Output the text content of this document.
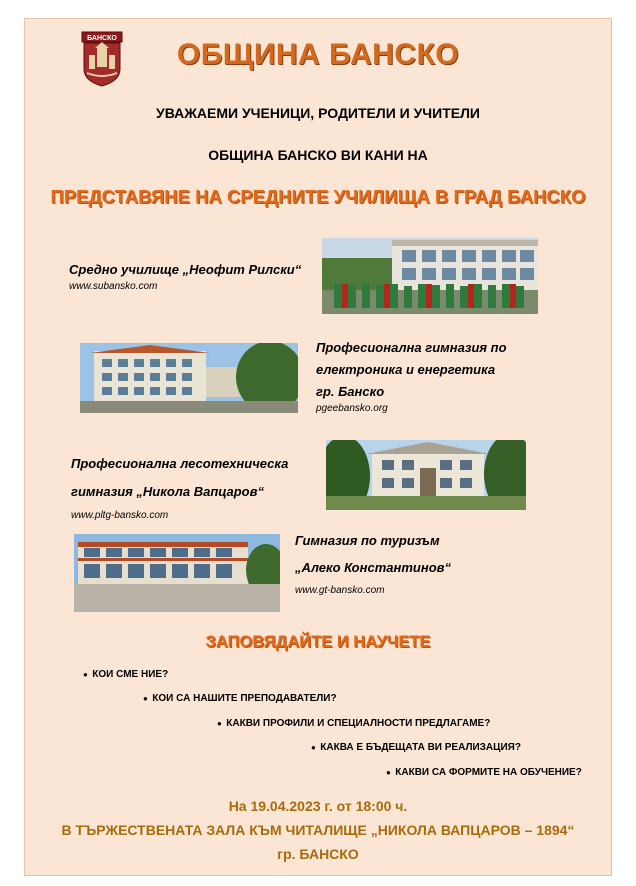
БАНСКО	ОБЩИНА БАНСКО
УВАЖАЕМИ УЧЕНИЦИ, РОДИТЕЛИ И УЧИТЕЛИ
ОБЩИНА БАНСКО ВИ КАНИ НА
ПРЕДСТАВЯНЕ НА СРЕДНИТЕ УЧИЛИЩА В ГРАД БАНСКО
Средно училище „Неофит Рилски“
www.subansko.com
Професионална гимназия по
електроника и енергетика
гр. Банско
pgeebansko.org
Професионална лесотехническа
гимназия „Никола Вапцаров“
www.pltg-bansko.com
Гимназия по туризъм
„Алеко Константинов“
www.gt-bansko.com
ЗАПОВЯДАЙТЕ И НАУЧЕТЕ
●  КОИ СМЕ НИЕ?
●  КОИ СА НАШИТЕ ПРЕПОДАВАТЕЛИ?
●  КАКВИ ПРОФИЛИ И СПЕЦИАЛНОСТИ ПРЕДЛАГАМЕ?
●  КАКВА Е БЪДЕЩАТА ВИ РЕАЛИЗАЦИЯ?
●  КАКВИ СА ФОРМИТЕ НА ОБУЧЕНИЕ?
На 19.04.2023 г. от 18:00 ч.
В ТЪРЖЕСТВЕНАТА ЗАЛА КЪМ ЧИТАЛИЩЕ „НИКОЛА ВАПЦАРОВ – 1894“
гр. БАНСКО
